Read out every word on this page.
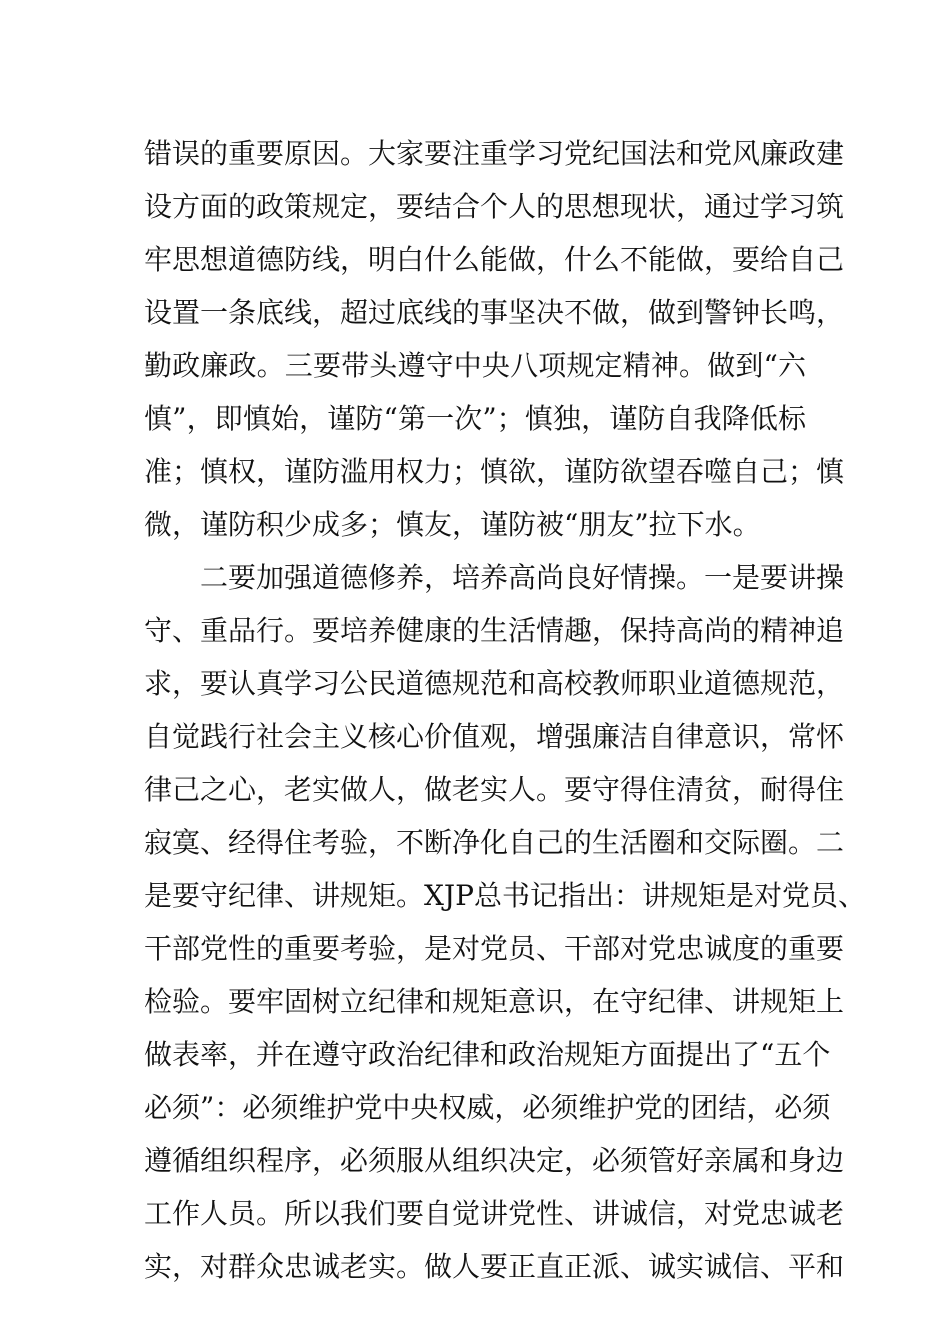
错误的重要原因。大家要注重学习党纪国法和党风廉政建
设方面的政策规定，要结合个人的思想现状，通过学习筑
牢思想道德防线，明白什么能做，什么不能做，要给自己
设置一条底线，超过底线的事坚决不做，做到警钟长鸣，
勤政廉政。三要带头遵守中央八项规定精神。做到“六
慎”，即慎始，谨防“第一次”；慎独，谨防自我降低标
准；慎权，谨防滥用权力；慎欲，谨防欲望吞噬自己；慎
微，谨防积少成多；慎友，谨防被“朋友”拉下水。
二要加强道德修养，培养高尚良好情操。一是要讲操
守、重品行。要培养健康的生活情趣，保持高尚的精神追
求，要认真学习公民道德规范和高校教师职业道德规范，
自觉践行社会主义核心价值观，增强廉洁自律意识，常怀
律己之心，老实做人，做老实人。要守得住清贫，耐得住
寂寞、经得住考验，不断净化自己的生活圈和交际圈。二
是要守纪律、讲规矩。XJP总书记指出：讲规矩是对党员、
干部党性的重要考验，是对党员、干部对党忠诚度的重要
检验。要牢固树立纪律和规矩意识，在守纪律、讲规矩上
做表率，并在遵守政治纪律和政治规矩方面提出了“五个
必须”：必须维护党中央权威，必须维护党的团结，必须
遵循组织程序，必须服从组织决定，必须管好亲属和身边
工作人员。所以我们要自觉讲党性、讲诚信，对党忠诚老
实，对群众忠诚老实。做人要正直正派、诚实诚信、平和
